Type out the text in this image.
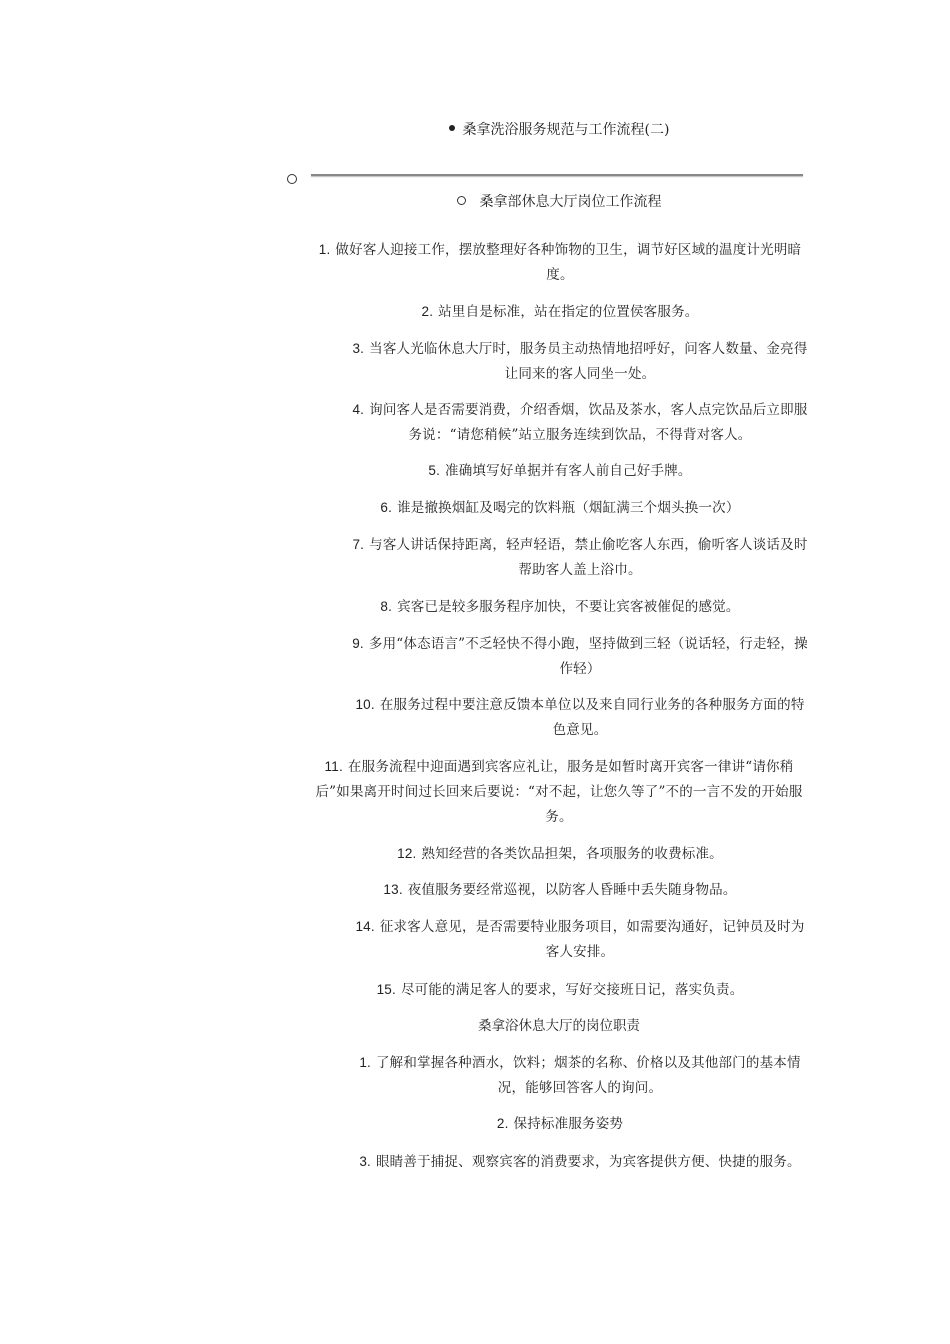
桑拿洗浴服务规范与工作流程(二)
桑拿部休息大厅岗位工作流程
1. 做好客人迎接工作，摆放整理好各种饰物的卫生，调节好区域的温度计光明暗度。
2. 站里自是标准，站在指定的位置侯客服务。
3. 当客人光临休息大厅时，服务员主动热情地招呼好，问客人数量、金亮得让同来的客人同坐一处。
4. 询问客人是否需要消费，介绍香烟，饮品及茶水，客人点完饮品后立即服务说：“请您稍候”站立服务连续到饮品，不得背对客人。
5. 准确填写好单据并有客人前自己好手牌。
6. 谁是撤换烟缸及喝完的饮料瓶（烟缸满三个烟头换一次）
7. 与客人讲话保持距离，轻声轻语，禁止偷吃客人东西，偷听客人谈话及时帮助客人盖上浴巾。
8. 宾客已是较多服务程序加快，不要让宾客被催促的感觉。
9. 多用“体态语言”不乏轻快不得小跑，坚持做到三轻（说话轻，行走轻，操作轻）
10. 在服务过程中要注意反馈本单位以及来自同行业务的各种服务方面的特色意见。
11. 在服务流程中迎面遇到宾客应礼让，服务是如暂时离开宾客一律讲“请你稍后”如果离开时间过长回来后要说：“对不起，让您久等了”不的一言不发的开始服务。
12. 熟知经营的各类饮品担架，各项服务的收费标准。
13. 夜值服务要经常巡视，以防客人昏睡中丢失随身物品。
14. 征求客人意见，是否需要特业服务项目，如需要沟通好，记钟员及时为客人安排。
15. 尽可能的满足客人的要求，写好交接班日记，落实负责。
桑拿浴休息大厅的岗位职责
1. 了解和掌握各种酒水，饮料；烟茶的名称、价格以及其他部门的基本情况，能够回答客人的询问。
2. 保持标准服务姿势
3. 眼睛善于捕捉、观察宾客的消费要求，为宾客提供方便、快捷的服务。
